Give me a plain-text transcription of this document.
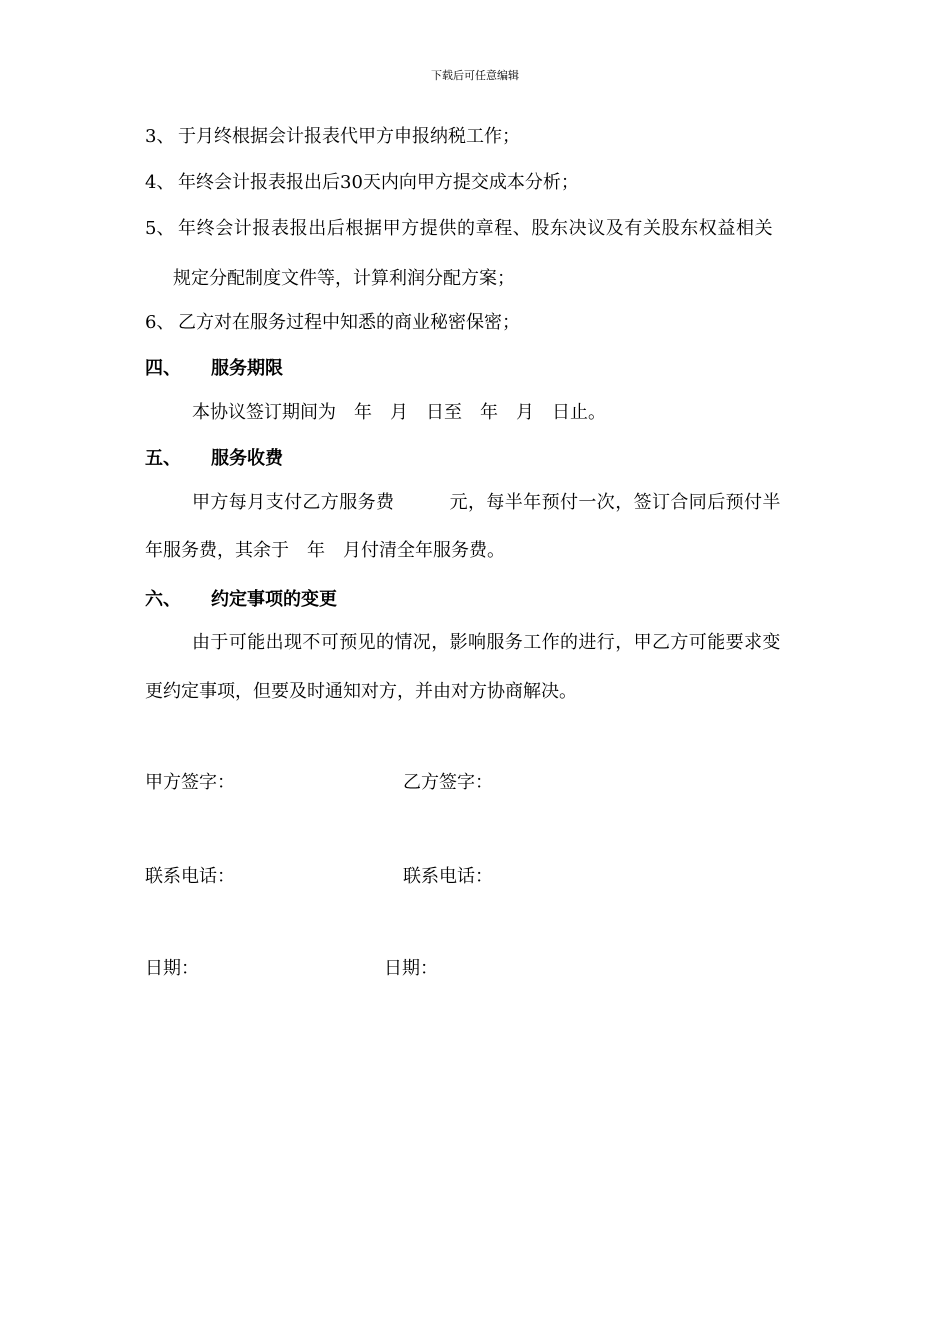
下载后可任意编辑
3、 于月终根据会计报表代甲方申报纳税工作；
4、 年终会计报表报出后30天内向甲方提交成本分析；
5、 年终会计报表报出后根据甲方提供的章程、股东决议及有关股东权益相关
规定分配制度文件等，计算利润分配方案；
6、 乙方对在服务过程中知悉的商业秘密保密；
四、 服务期限
本协议签订期间为　年　月　日至　年　月　日止。
五、 服务收费
甲方每月支付乙方服务费　　　元，每半年预付一次，签订合同后预付半
年服务费，其余于　年　月付清全年服务费。
六、 约定事项的变更
由于可能出现不可预见的情况，影响服务工作的进行，甲乙方可能要求变
更约定事项，但要及时通知对方，并由对方协商解决。
甲方签字：	乙方签字：
联系电话：	联系电话：
日期：	日期：
